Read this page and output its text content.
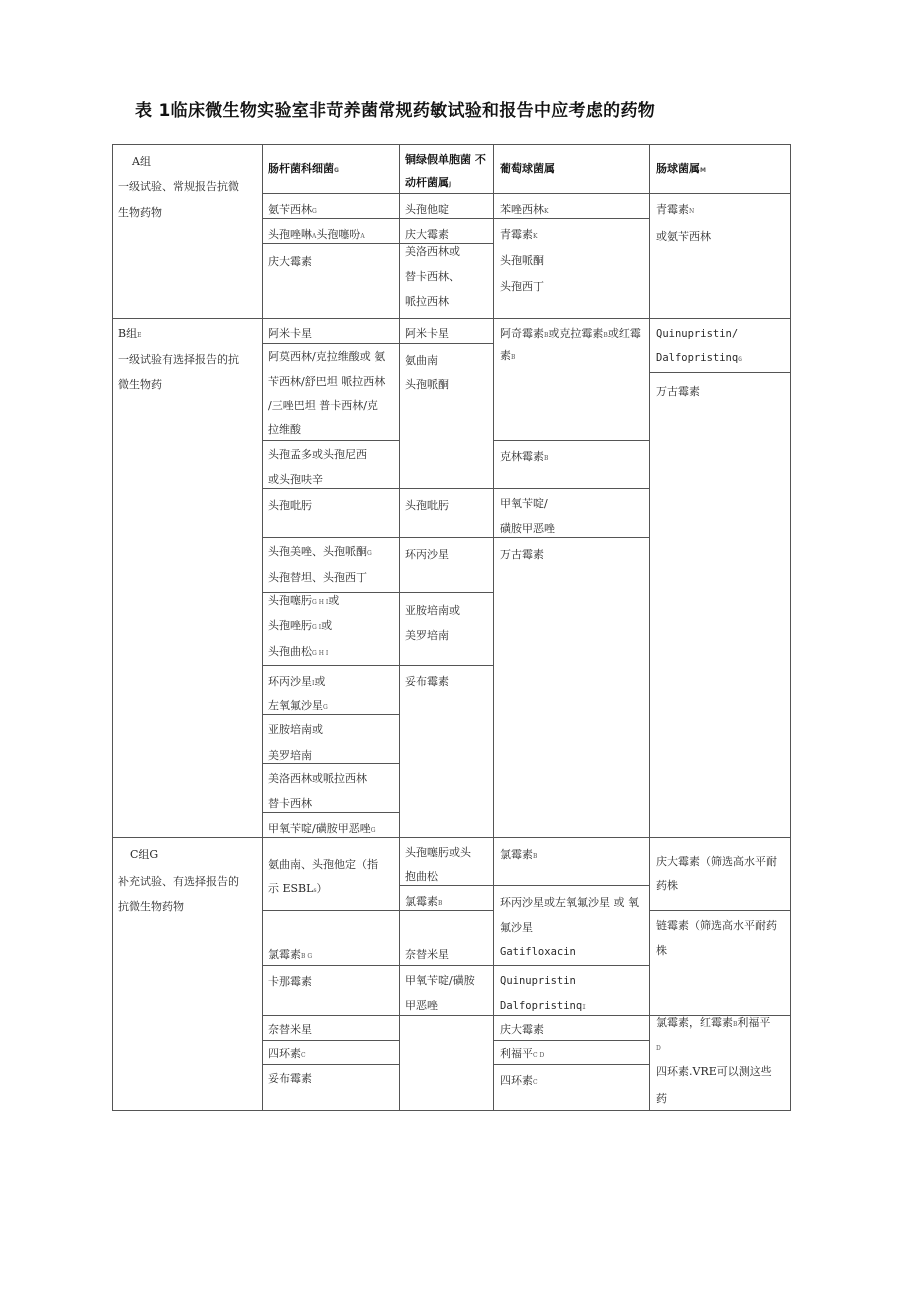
表 1临床微生物实验室非苛养菌常规药敏试验和报告中应考虑的药物
肠杆菌科细菌G
铜绿假单胞菌 不
动杆菌属J
葡萄球菌属	肠球菌属M
A组
一级试验、常规报告抗微
生物药物	氨苄西林G
头孢唑啉A头孢噻吩A
庆大霉素
头孢他啶
庆大霉素
美洛西林或
替卡西林、
哌拉西林
苯唑西林K
青霉素K
头孢哌酮
头孢西丁
青霉素N
或氨苄西林
B组E
一级试验有选择报告的抗
微生物药
阿米卡星
阿莫西林/克拉维酸或 氨
苄西林/舒巴坦 哌拉西林
/三唑巴坦 普卡西林/克
拉维酸
头孢孟多或头孢尼西
或头孢呋辛
头孢吡肟
头孢美唑、头孢哌酮G
头孢替坦、头孢西丁
头孢噻肟G H I或
头孢唑肟G I或
头孢曲松G H I
环丙沙星I或
左氧氟沙星G
亚胺培南或
美罗培南
美洛西林或哌拉西林
替卡西林
甲氧苄啶/磺胺甲恶唑G
阿米卡星
氨曲南
头孢哌酮
头孢吡肟
环丙沙星
亚胺培南或
美罗培南
妥布霉素
阿奇霉素B或克拉霉素B或红霉
素B
克林霉素B
甲氧苄啶/
磺胺甲恶唑
万古霉素
Quinupristin/
DalfopristinqG
万古霉素
C组G
补充试验、有选择报告的
抗微生物药物
氨曲南、头孢他定（指
示 ESBLs）
氯霉素B G
卡那霉素
奈替米星
四环素C
妥布霉素
头孢噻肟或头
抱曲松
氯霉素B
奈替米星
甲氧苄啶/磺胺
甲恶唑
氯霉素B
环丙沙星或左氧氟沙星 或 氧
氟沙星
Gatifloxacin
Quinupristin
DalfopristinqI
庆大霉素
利福平C D
四环素C
庆大霉素（筛选高水平耐
药株
链霉素（筛选高水平耐药
株
氯霉素，红霉素B利福平
D
四环素.VRE可以测这些
药
